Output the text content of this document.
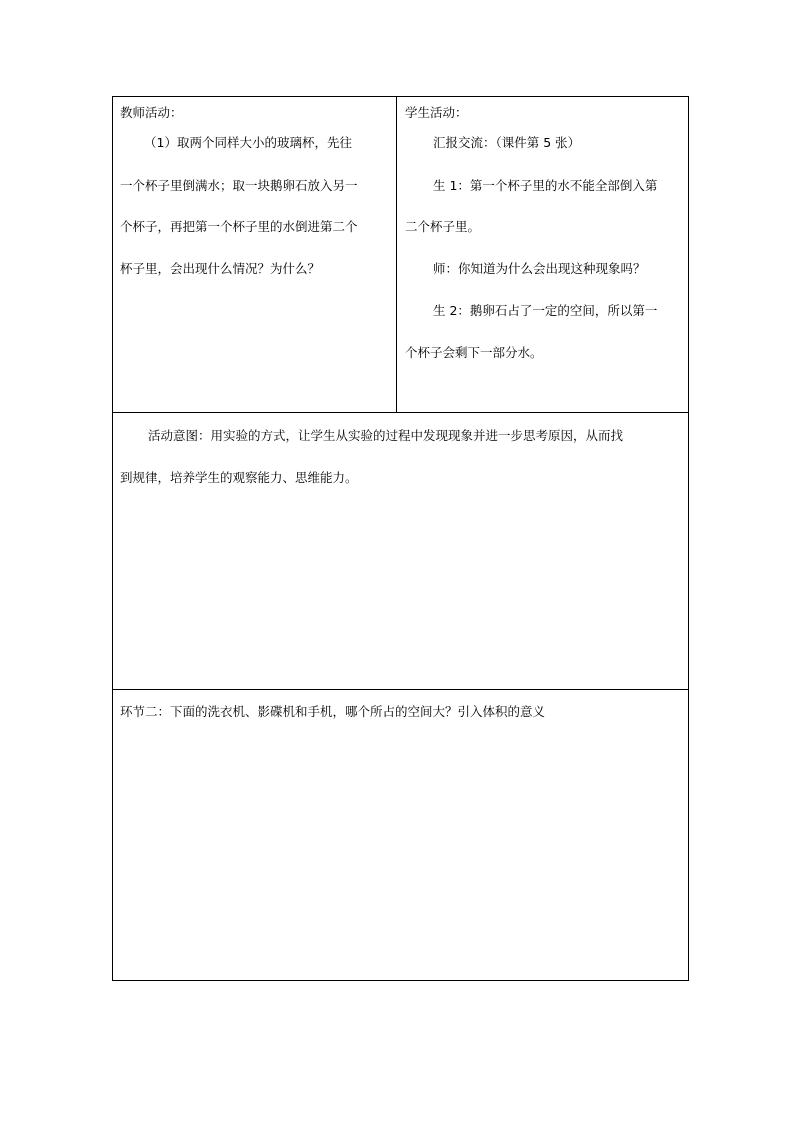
教师活动：
（1）取两个同样大小的玻璃杯，先往
一个杯子里倒满水；取一块鹅卵石放入另一
个杯子，再把第一个杯子里的水倒进第二个
杯子里，会出现什么情况？为什么？
学生活动：
汇报交流：（课件第 5 张）
生 1：第一个杯子里的水不能全部倒入第
二个杯子里。
师：你知道为什么会出现这种现象吗？
生 2：鹅卵石占了一定的空间，所以第一
个杯子会剩下一部分水。
活动意图：用实验的方式，让学生从实验的过程中发现现象并进一步思考原因，从而找
到规律，培养学生的观察能力、思维能力。
环节二：下面的洗衣机、影碟机和手机，哪个所占的空间大？引入体积的意义
